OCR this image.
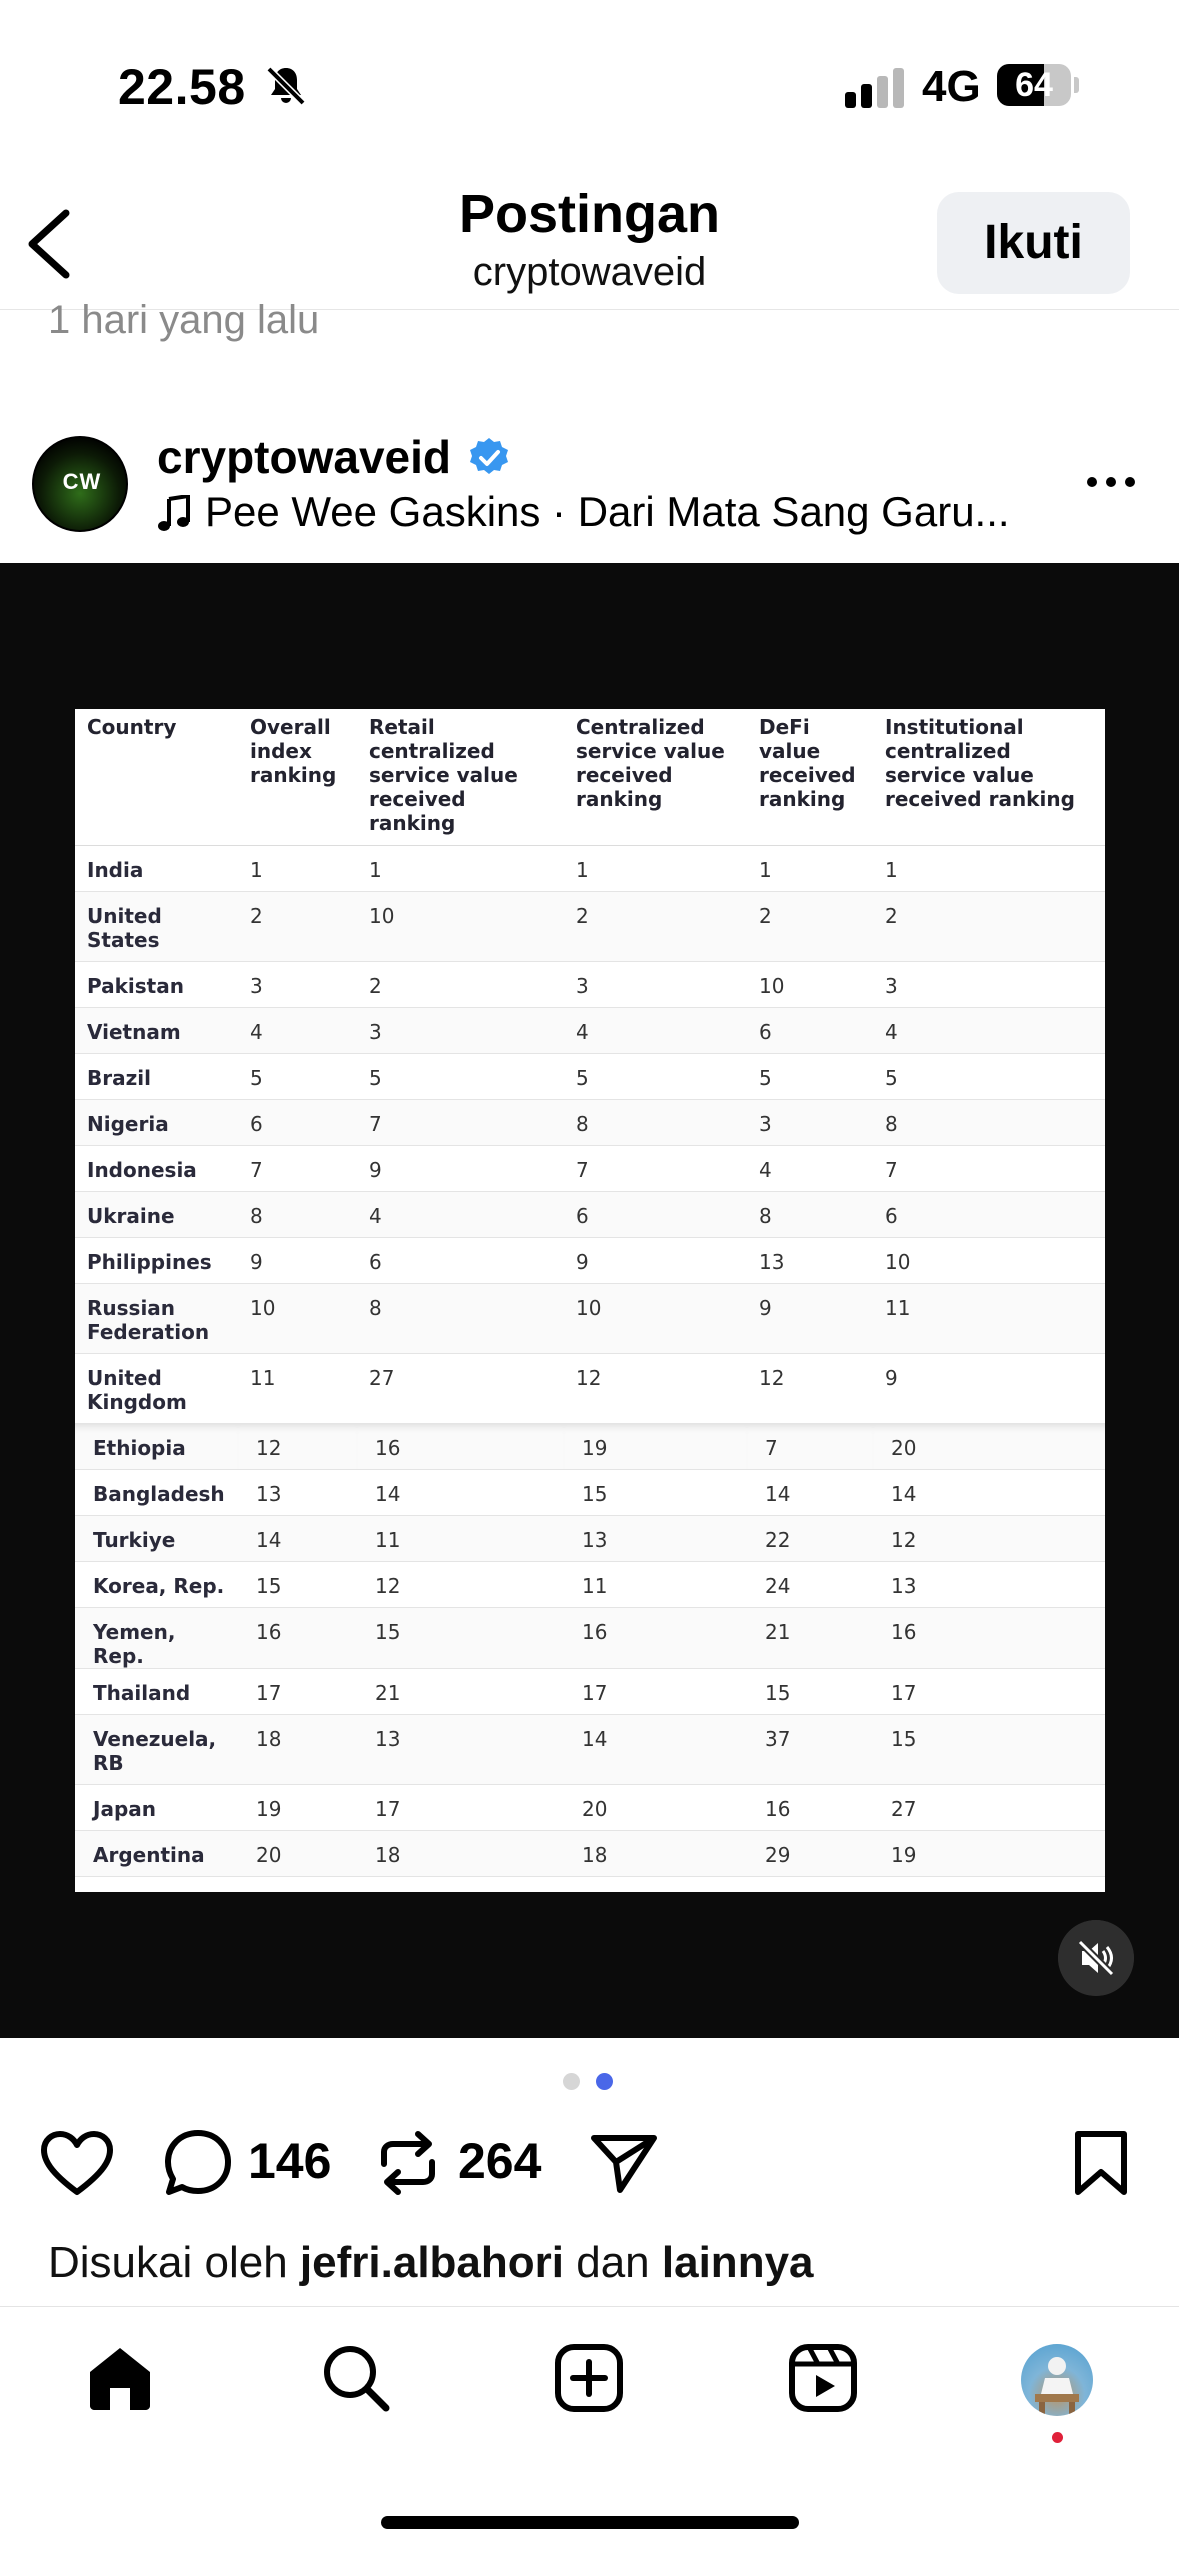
22.58	4G	64
Postingan
cryptowaveid
Ikuti
1 hari yang lalu
CW	cryptowaveid
Pee Wee Gaskins · Dari Mata Sang Garu...
Country	Overall index ranking	Retail centralized service value received ranking	Centralized service value received ranking	DeFi value received ranking	Institutional centralized service value received ranking
India	1	1	1	1	1
United States	2	10	2	2	2
Pakistan	3	2	3	10	3
Vietnam	4	3	4	6	4
Brazil	5	5	5	5	5
Nigeria	6	7	8	3	8
Indonesia	7	9	7	4	7
Ukraine	8	4	6	8	6
Philippines	9	6	9	13	10
Russian Federation	10	8	10	9	11
United Kingdom	11	27	12	12	9
Ethiopia	12	16	19	7	20
Bangladesh	13	14	15	14	14
Turkiye	14	11	13	22	12
Korea, Rep.	15	12	11	24	13
Yemen, Rep.	16	15	16	21	16
Thailand	17	21	17	15	17
Venezuela, RB	18	13	14	37	15
Japan	19	17	20	16	27
Argentina	20	18	18	29	19
146	264
Disukai oleh jefri.albahori dan lainnya
